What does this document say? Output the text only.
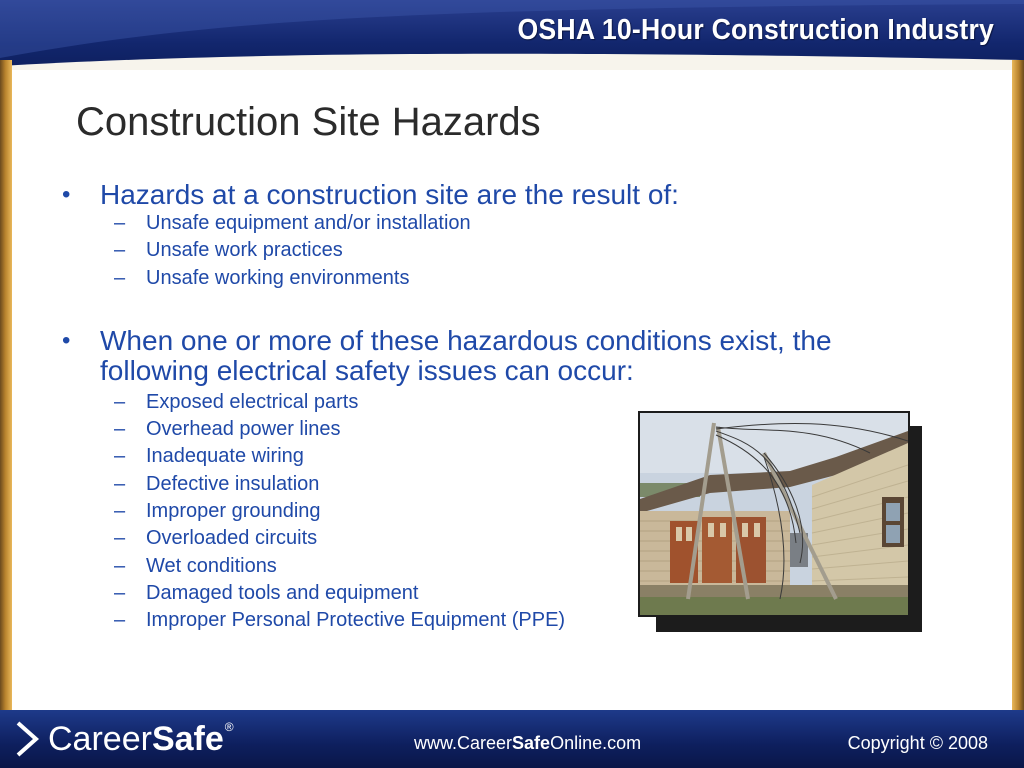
OSHA 10-Hour Construction Industry
Construction Site Hazards
• Hazards at a construction site are the result of:
– Unsafe equipment and/or installation
– Unsafe work practices
– Unsafe working environments
• When one or more of these hazardous conditions exist, the following electrical safety issues can occur:
– Exposed electrical parts
– Overhead power lines
– Inadequate wiring
– Defective insulation
– Improper grounding
– Overloaded circuits
– Wet conditions
– Damaged tools and equipment
– Improper Personal Protective Equipment (PPE)
Career Safe ®
www.CareerSafeOnline.com	Copyright © 2008
